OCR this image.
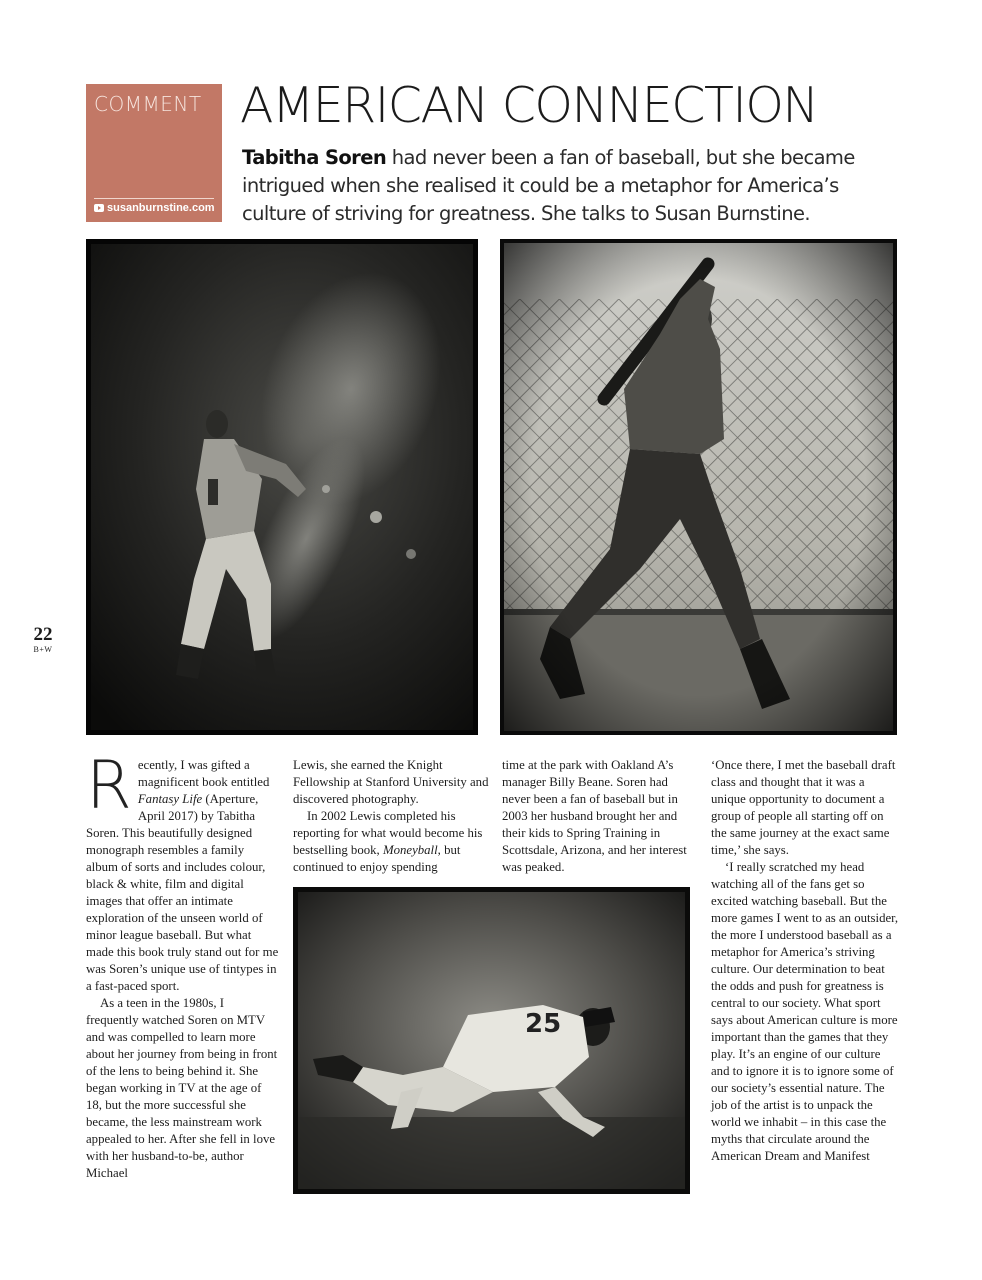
COMMENT
susanburnstine.com
AMERICAN CONNECTION

Tabitha Soren had never been a fan of baseball, but she became intrigued when she realised it could be a metaphor for America’s culture of striving for greatness. She talks to Susan Burnstine.

22
B+W

Recently, I was gifted a magnificent book entitled Fantasy Life (Aperture, April 2017) by Tabitha Soren. This beautifully designed monograph resembles a family album of sorts and includes colour, black & white, film and digital images that offer an intimate exploration of the unseen world of minor league baseball. But what made this book truly stand out for me was Soren’s unique use of tintypes in a fast-paced sport.

As a teen in the 1980s, I frequently watched Soren on MTV and was compelled to learn more about her journey from being in front of the lens to being behind it. She began working in TV at the age of 18, but the more successful she became, the less mainstream work appealed to her. After she fell in love with her husband-to-be, author Michael

Lewis, she earned the Knight Fellowship at Stanford University and discovered photography.

In 2002 Lewis completed his reporting for what would become his bestselling book, Moneyball, but continued to enjoy spending

time at the park with Oakland A’s manager Billy Beane. Soren had never been a fan of baseball but in 2003 her husband brought her and their kids to Spring Training in Scottsdale, Arizona, and her interest was peaked.

25

‘Once there, I met the baseball draft class and thought that it was a unique opportunity to document a group of people all starting off on the same journey at the exact same time,’ she says.

‘I really scratched my head watching all of the fans get so excited watching baseball. But the more games I went to as an outsider, the more I understood baseball as a metaphor for America’s striving culture. Our determination to beat the odds and push for greatness is central to our society. What sport says about American culture is more important than the games that they play. It’s an engine of our culture and to ignore it is to ignore some of our society’s essential nature. The job of the artist is to unpack the world we inhabit – in this case the myths that circulate around the American Dream and Manifest
